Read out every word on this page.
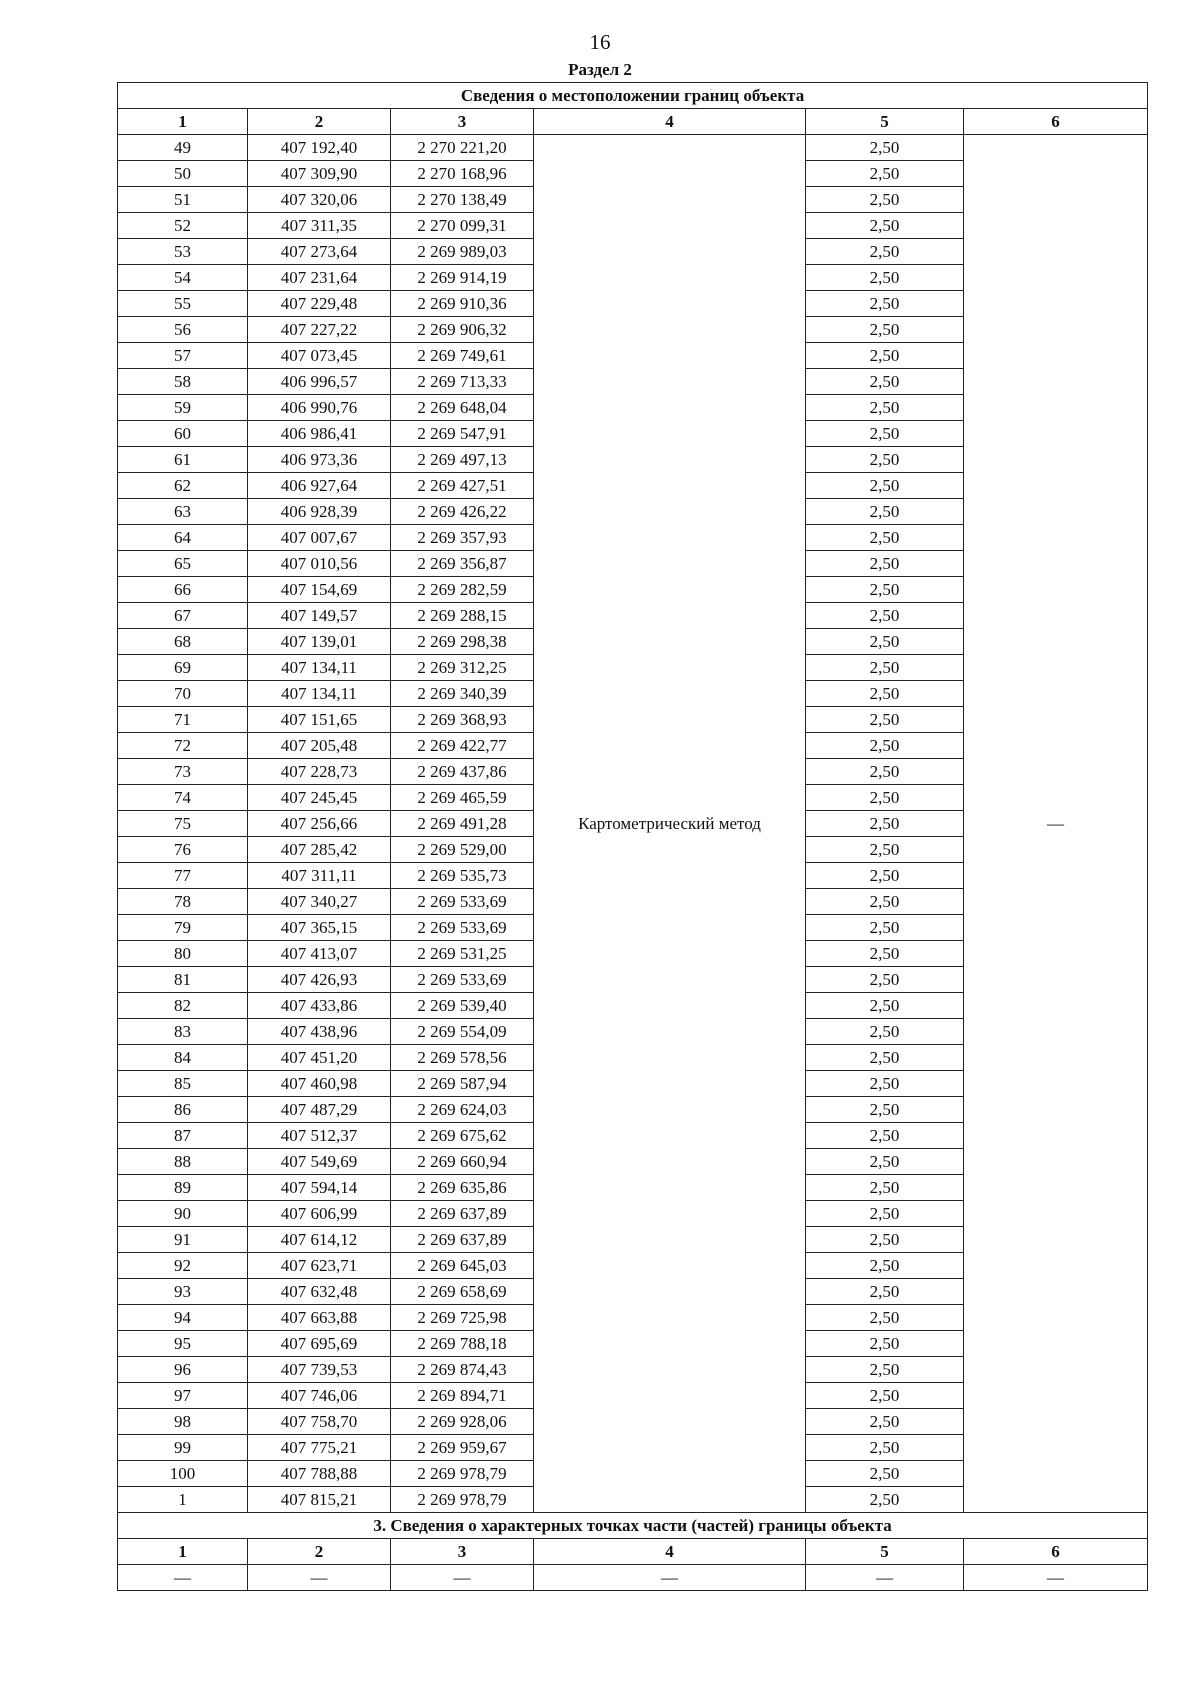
16
Раздел 2
Сведения о местоположении границ объекта					
1	2	3	4	5	6
49	407 192,40	2 270 221,20	Картометрический метод	2,50	—
50	407 309,90	2 270 168,96		2,50	
51	407 320,06	2 270 138,49		2,50	
52	407 311,35	2 270 099,31		2,50	
53	407 273,64	2 269 989,03		2,50	
54	407 231,64	2 269 914,19		2,50	
55	407 229,48	2 269 910,36		2,50	
56	407 227,22	2 269 906,32		2,50	
57	407 073,45	2 269 749,61		2,50	
58	406 996,57	2 269 713,33		2,50	
59	406 990,76	2 269 648,04		2,50	
60	406 986,41	2 269 547,91		2,50	
61	406 973,36	2 269 497,13		2,50	
62	406 927,64	2 269 427,51		2,50	
63	406 928,39	2 269 426,22		2,50	
64	407 007,67	2 269 357,93		2,50	
65	407 010,56	2 269 356,87		2,50	
66	407 154,69	2 269 282,59		2,50	
67	407 149,57	2 269 288,15		2,50	
68	407 139,01	2 269 298,38		2,50	
69	407 134,11	2 269 312,25		2,50	
70	407 134,11	2 269 340,39		2,50	
71	407 151,65	2 269 368,93		2,50	
72	407 205,48	2 269 422,77		2,50	
73	407 228,73	2 269 437,86		2,50	
74	407 245,45	2 269 465,59		2,50	
75	407 256,66	2 269 491,28		2,50	
76	407 285,42	2 269 529,00		2,50	
77	407 311,11	2 269 535,73		2,50	
78	407 340,27	2 269 533,69		2,50	
79	407 365,15	2 269 533,69		2,50	
80	407 413,07	2 269 531,25		2,50	
81	407 426,93	2 269 533,69		2,50	
82	407 433,86	2 269 539,40		2,50	
83	407 438,96	2 269 554,09		2,50	
84	407 451,20	2 269 578,56		2,50	
85	407 460,98	2 269 587,94		2,50	
86	407 487,29	2 269 624,03		2,50	
87	407 512,37	2 269 675,62		2,50	
88	407 549,69	2 269 660,94		2,50	
89	407 594,14	2 269 635,86		2,50	
90	407 606,99	2 269 637,89		2,50	
91	407 614,12	2 269 637,89		2,50	
92	407 623,71	2 269 645,03		2,50	
93	407 632,48	2 269 658,69		2,50	
94	407 663,88	2 269 725,98		2,50	
95	407 695,69	2 269 788,18		2,50	
96	407 739,53	2 269 874,43		2,50	
97	407 746,06	2 269 894,71		2,50	
98	407 758,70	2 269 928,06		2,50	
99	407 775,21	2 269 959,67		2,50	
100	407 788,88	2 269 978,79		2,50	
1	407 815,21	2 269 978,79		2,50	
3. Сведения о характерных точках части (частей) границы объекта					
1	2	3	4	5	6
—	—	—	—	—	—
